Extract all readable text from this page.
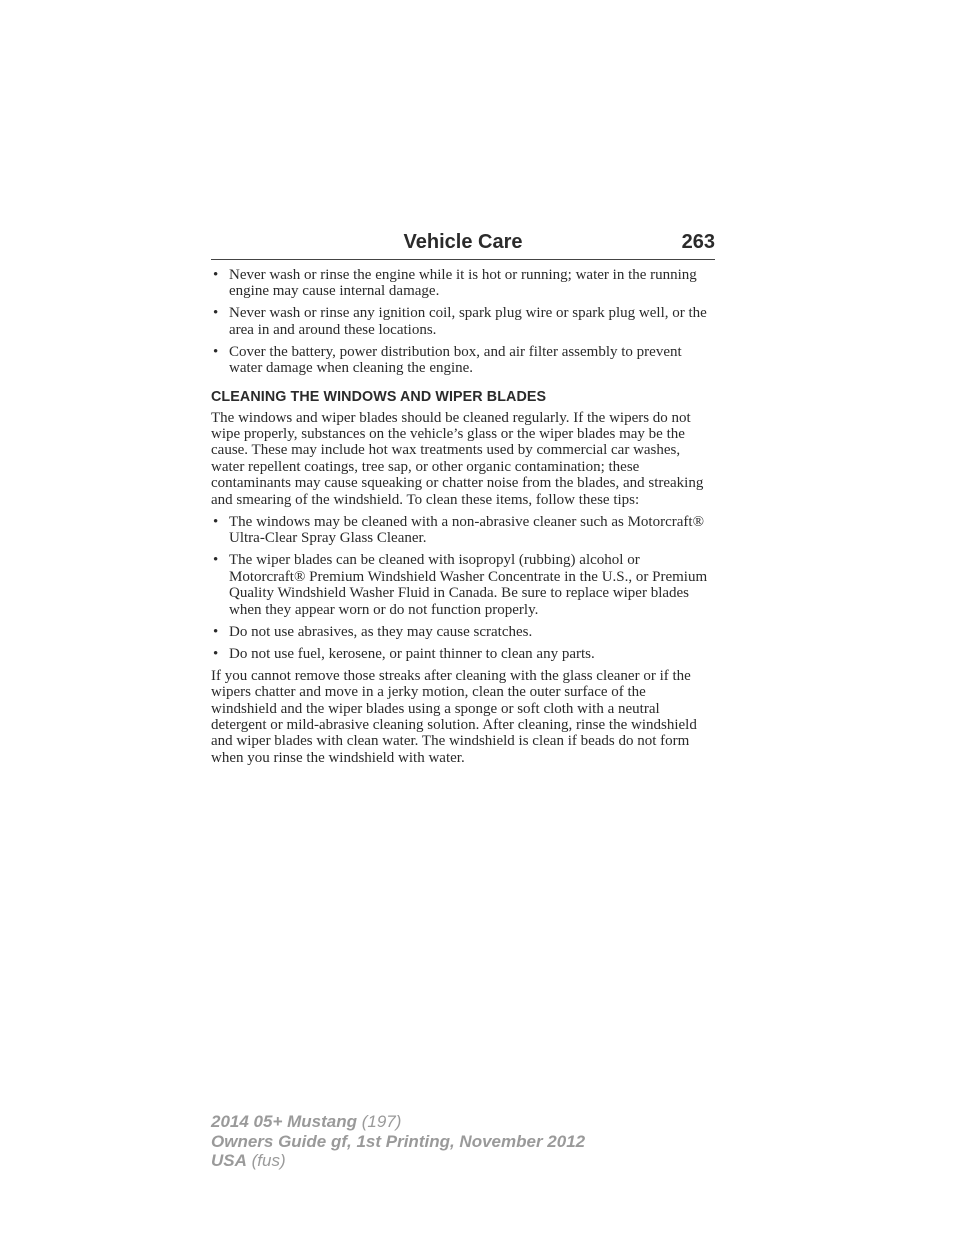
Vehicle Care	263
• Never wash or rinse the engine while it is hot or running; water in the running engine may cause internal damage.
• Never wash or rinse any ignition coil, spark plug wire or spark plug well, or the area in and around these locations.
• Cover the battery, power distribution box, and air filter assembly to prevent water damage when cleaning the engine.
CLEANING THE WINDOWS AND WIPER BLADES

The windows and wiper blades should be cleaned regularly. If the wipers do not wipe properly, substances on the vehicle’s glass or the wiper blades may be the cause. These may include hot wax treatments used by commercial car washes, water repellent coatings, tree sap, or other organic contamination; these contaminants may cause squeaking or chatter noise from the blades, and streaking and smearing of the windshield. To clean these items, follow these tips:

• The windows may be cleaned with a non-abrasive cleaner such as Motorcraft® Ultra-Clear Spray Glass Cleaner.
• The wiper blades can be cleaned with isopropyl (rubbing) alcohol or Motorcraft® Premium Windshield Washer Concentrate in the U.S., or Premium Quality Windshield Washer Fluid in Canada. Be sure to replace wiper blades when they appear worn or do not function properly.
• Do not use abrasives, as they may cause scratches.
• Do not use fuel, kerosene, or paint thinner to clean any parts.

If you cannot remove those streaks after cleaning with the glass cleaner or if the wipers chatter and move in a jerky motion, clean the outer surface of the windshield and the wiper blades using a sponge or soft cloth with a neutral detergent or mild-abrasive cleaning solution. After cleaning, rinse the windshield and wiper blades with clean water. The windshield is clean if beads do not form when you rinse the windshield with water.

2014 05+ Mustang (197)
Owners Guide gf, 1st Printing, November 2012
USA (fus)
